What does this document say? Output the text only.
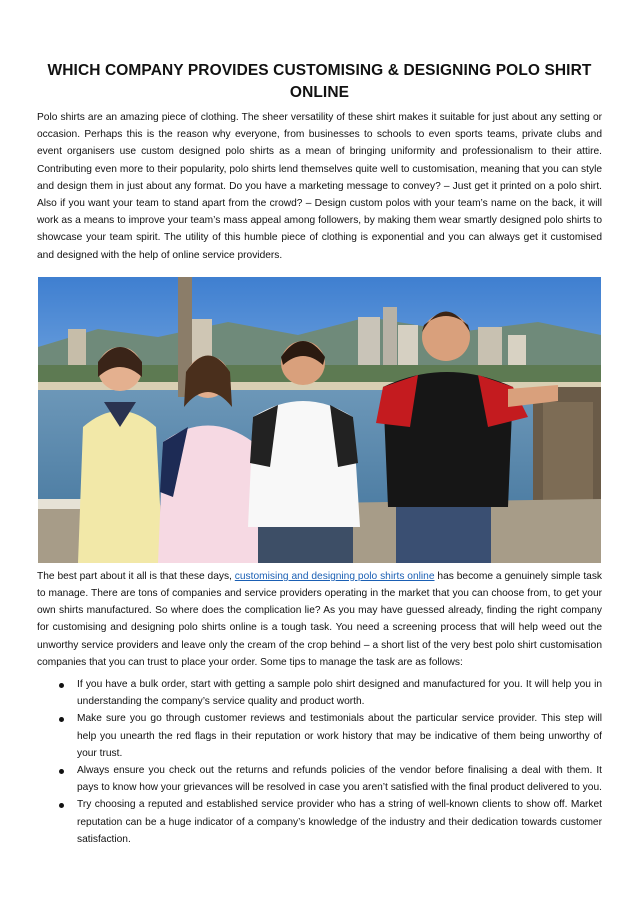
WHICH COMPANY PROVIDES CUSTOMISING & DESIGNING POLO SHIRT ONLINE

Polo shirts are an amazing piece of clothing. The sheer versatility of these shirt makes it suitable for just about any setting or occasion. Perhaps this is the reason why everyone, from businesses to schools to even sports teams, private clubs and event organisers use custom designed polo shirts as a mean of bringing uniformity and professionalism to their attire. Contributing even more to their popularity, polo shirts lend themselves quite well to customisation, meaning that you can style and design them in just about any format. Do you have a marketing message to convey? – Just get it printed on a polo shirt. Also if you want your team to stand apart from the crowd? – Design custom polos with your team’s name on the back, it will work as a means to improve your team’s mass appeal among followers, by making them wear smartly designed polo shirts to showcase your team spirit. The utility of this humble piece of clothing is exponential and you can always get it customised and designed with the help of online service providers.

The best part about it all is that these days, customising and designing polo shirts online has become a genuinely simple task to manage. There are tons of companies and service providers operating in the market that you can choose from, to get your own shirts manufactured. So where does the complication lie? As you may have guessed already, finding the right company for customising and designing polo shirts online is a tough task. You need a screening process that will help weed out the unworthy service providers and leave only the cream of the crop behind – a short list of the very best polo shirt customisation companies that you can trust to place your order. Some tips to manage the task are as follows:

If you have a bulk order, start with getting a sample polo shirt designed and manufactured for you. It will help you in understanding the company’s service quality and product worth.
Make sure you go through customer reviews and testimonials about the particular service provider. This step will help you unearth the red flags in their reputation or work history that may be indicative of them being unworthy of your trust.
Always ensure you check out the returns and refunds policies of the vendor before finalising a deal with them. It pays to know how your grievances will be resolved in case you aren’t satisfied with the final product delivered to you.
Try choosing a reputed and established service provider who has a string of well-known clients to show off. Market reputation can be a huge indicator of a company’s knowledge of the industry and their dedication towards customer satisfaction.
